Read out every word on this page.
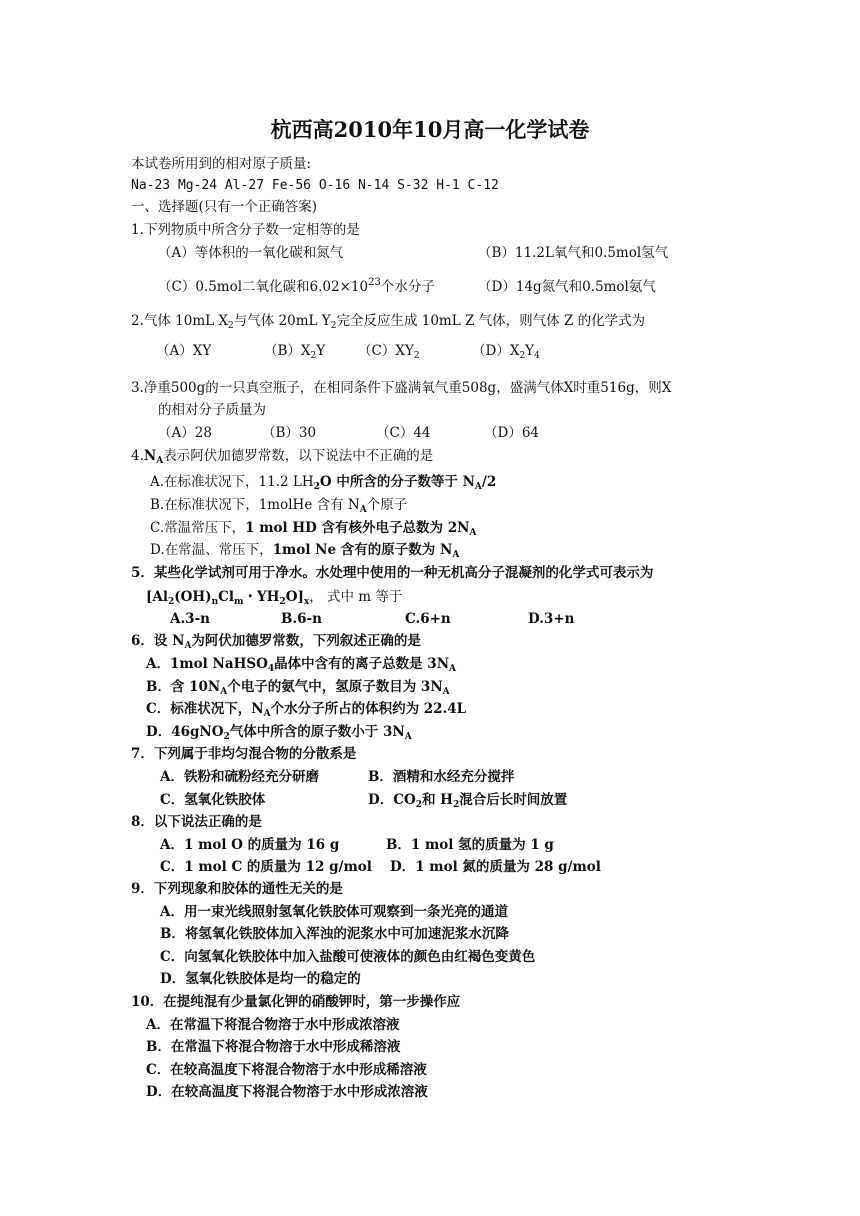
杭西高2010年10月高一化学试卷
本试卷所用到的相对原子质量:
Na-23 Mg-24 Al-27 Fe-56 O-16 N-14 S-32 H-1 C-12
一、选择题(只有一个正确答案)
1.下列物质中所含分子数一定相等的是
（A）等体积的一氧化碳和氮气	（B）11.2L氧气和0.5mol氢气
（C）0.5mol二氧化碳和$6.02\times 10^{23}$个水分子	（D）14g氮气和0.5mol氨气
2.气体 10mL $X_2$与气体 20mL $Y_2$完全反应生成 10mL Z 气体，则气体 Z 的化学式为
（A）XY	$(B)X_2Y$ $(C)XY_2$	$(D)X_2Y_4$
3.净重500g的一只真空瓶子，在相同条件下盛满氧气重508g，盛满气体X时重516g，则X
的相对分子质量为
（A）28	（B）30	（C）44	（D）64
$4.N_A$表示阿伏加德罗常数，以下说法中不正确的是
A.在标准状况下，11.2 $LH_2O$ 中所含的分子数等于 $N_A/2$
B.在标准状况下，1molHe 含有 $N_A$个原子
C.常温常压下，1 mol HD 含有核外电子总数为 $2N_A$
D.在常温、常压下，1mol Ne 含有的原子数为 $N_A$
5．某些化学试剂可用于净水。水处理中使用的一种无机高分子混凝剂的化学式可表示为
[$Al_2(OH)_nCl_m$・$YH_2O]_x$， 式中 m 等于
A.3-n	B.6-n	C.6+n	D.3+n
6．设 $N_A$为阿伏加德罗常数，下列叙述正确的是
A．1mol NaHSO$_4$晶体中含有的离子总数是 $3N_A$
B．含 $10N_A$个电子的氨气中，氢原子数目为 $3N_A$
C．标准状况下，$N_A$个水分子所占的体积约为 22.4L
D．46gNO$_2$气体中所含的原子数小于 $3N_A$
7．下列属于非均匀混合物的分散系是
A．铁粉和硫粉经充分研磨	B．酒精和水经充分搅拌
C．氢氧化铁胶体	D．$CO_2$和 $H_2$混合后长时间放置
8．以下说法正确的是
A．1 mol O 的质量为 16 g	B．1 mol 氢的质量为 1 g
C．1 mol C 的质量为 12 g/mol D．1 mol 氮的质量为 28 g/mol
9．下列现象和胶体的通性无关的是
A．用一束光线照射氢氧化铁胶体可观察到一条光亮的通道
B．将氢氧化铁胶体加入浑浊的泥浆水中可加速泥浆水沉降
C．向氢氧化铁胶体中加入盐酸可使液体的颜色由红褐色变黄色
D．氢氧化铁胶体是均一的稳定的
10．在提纯混有少量氯化钾的硝酸钾时，第一步操作应
A．在常温下将混合物溶于水中形成浓溶液
B．在常温下将混合物溶于水中形成稀溶液
C．在较高温度下将混合物溶于水中形成稀溶液
D．在较高温度下将混合物溶于水中形成浓溶液
